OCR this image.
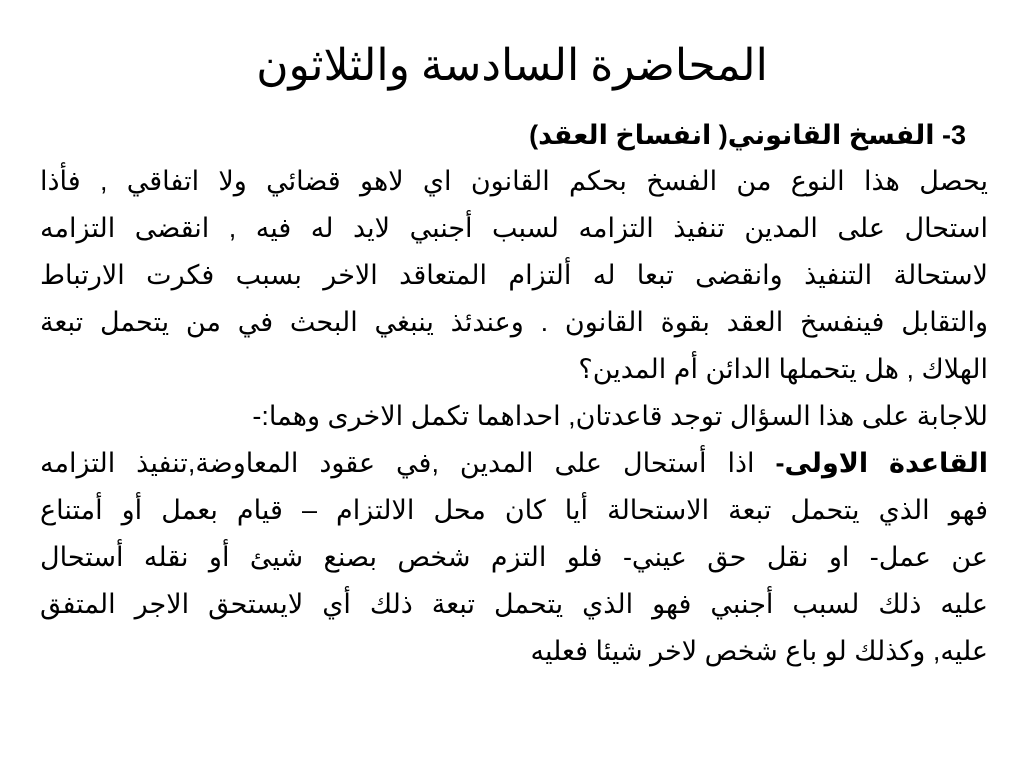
المحاضرة السادسة والثلاثون
3- الفسخ القانوني( انفساخ العقد)
يحصل هذا النوع من الفسخ بحكم القانون اي لاهو قضائي ولا اتفاقي , فأذا
استحال على المدين تنفيذ التزامه لسبب أجنبي لايد له فيه , انقضى التزامه
لاستحالة التنفيذ وانقضى تبعا له ألتزام المتعاقد الاخر بسبب فكرت الارتباط
والتقابل فينفسخ العقد بقوة القانون . وعندئذ ينبغي البحث في من يتحمل تبعة
الهلاك , هل يتحملها الدائن أم المدين؟
للاجابة على هذا السؤال توجد قاعدتان, احداهما تكمل الاخرى وهما:-
القاعدة الاولى- اذا أستحال على المدين ,في عقود المعاوضة,تنفيذ التزامه
فهو الذي يتحمل تبعة الاستحالة أيا كان محل الالتزام – قيام بعمل أو أمتناع
عن عمل- او نقل حق عيني- فلو التزم شخص بصنع شيئ أو نقله أستحال
عليه ذلك لسبب أجنبي فهو الذي يتحمل تبعة ذلك أي لايستحق الاجر المتفق
عليه, وكذلك لو باع شخص لاخر شيئا فعليه
